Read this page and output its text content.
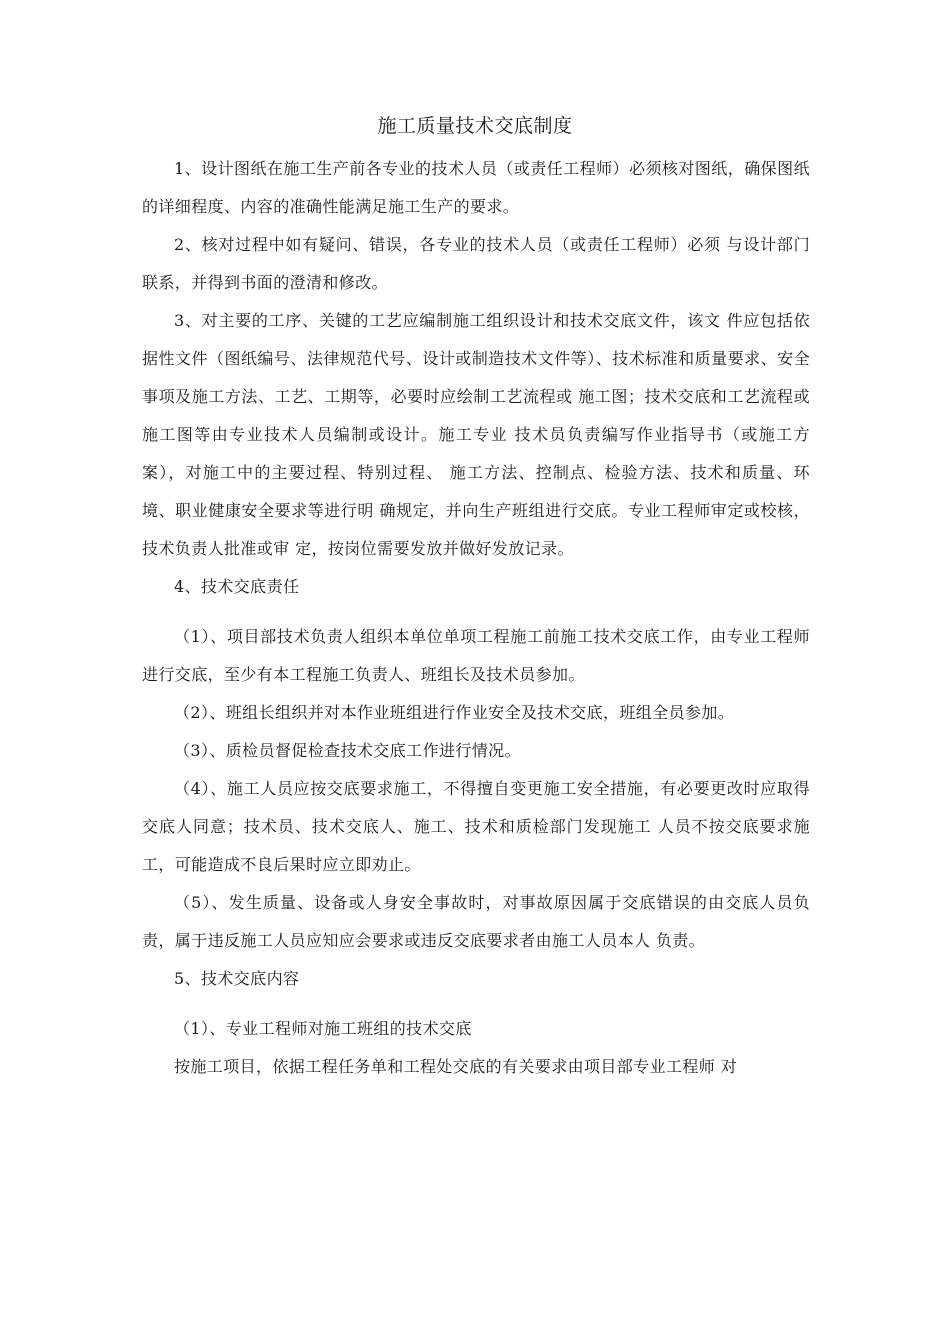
施工质量技术交底制度

1、设计图纸在施工生产前各专业的技术人员（或责任工程师）必须核对图纸，确保图纸的详细程度、内容的准确性能满足施工生产的要求。

2、核对过程中如有疑问、错误，各专业的技术人员（或责任工程师）必须 与设计部门联系，并得到书面的澄清和修改。

3、对主要的工序、关键的工艺应编制施工组织设计和技术交底文件，该文 件应包括依据性文件（图纸编号、法律规范代号、设计或制造技术文件等）、技术标准和质量要求、安全事项及施工方法、工艺、工期等，必要时应绘制工艺流程或 施工图；技术交底和工艺流程或施工图等由专业技术人员编制或设计。施工专业 技术员负责编写作业指导书（或施工方案），对施工中的主要过程、特别过程、 施工方法、控制点、检验方法、技术和质量、环境、职业健康安全要求等进行明 确规定，并向生产班组进行交底。专业工程师审定或校核，技术负责人批准或审 定，按岗位需要发放并做好发放记录。

4、技术交底责任

（1）、项目部技术负责人组织本单位单项工程施工前施工技术交底工作，由专业工程师进行交底，至少有本工程施工负责人、班组长及技术员参加。

（2）、班组长组织并对本作业班组进行作业安全及技术交底，班组全员参加。

（3）、质检员督促检查技术交底工作进行情况。

（4）、施工人员应按交底要求施工，不得擅自变更施工安全措施，有必要更改时应取得交底人同意；技术员、技术交底人、施工、技术和质检部门发现施工 人员不按交底要求施工，可能造成不良后果时应立即劝止。

（5）、发生质量、设备或人身安全事故时，对事故原因属于交底错误的由交底人员负责，属于违反施工人员应知应会要求或违反交底要求者由施工人员本人 负责。

5、技术交底内容

（1）、专业工程师对施工班组的技术交底

按施工项目，依据工程任务单和工程处交底的有关要求由项目部专业工程师 对
